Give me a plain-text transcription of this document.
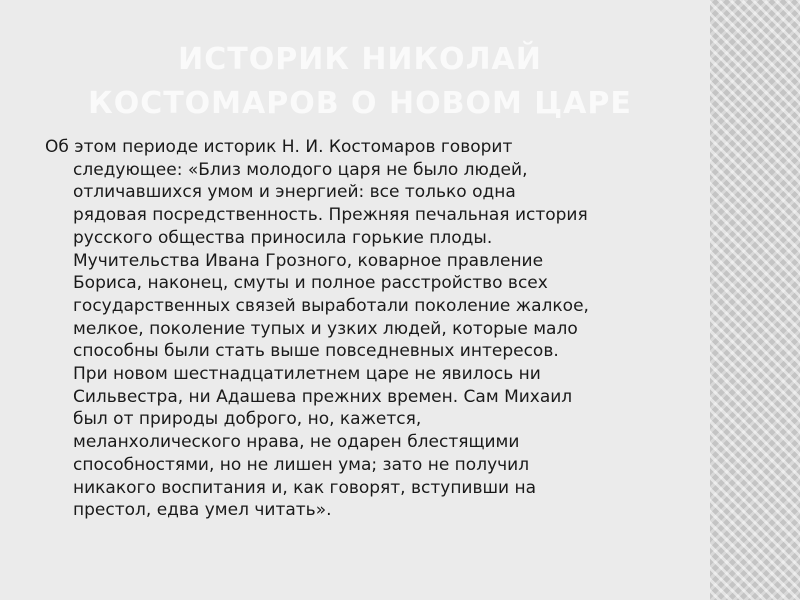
ИСТОРИК НИКОЛАЙ
КОСТОМАРОВ О НОВОМ ЦАРЕ
Об этом периоде историк Н. И. Костомаров говорит
следующее: «Близ молодого царя не было людей,
отличавшихся умом и энергией: все только одна
рядовая посредственность. Прежняя печальная история
русского общества приносила горькие плоды.
Мучительства Ивана Грозного, коварное правление
Бориса, наконец, смуты и полное расстройство всех
государственных связей выработали поколение жалкое,
мелкое, поколение тупых и узких людей, которые мало
способны были стать выше повседневных интересов.
При новом шестнадцатилетнем царе не явилось ни
Сильвестра, ни Адашева прежних времен. Сам Михаил
был от природы доброго, но, кажется,
меланхолического нрава, не одарен блестящими
способностями, но не лишен ума; зато не получил
никакого воспитания и, как говорят, вступивши на
престол, едва умел читать».
